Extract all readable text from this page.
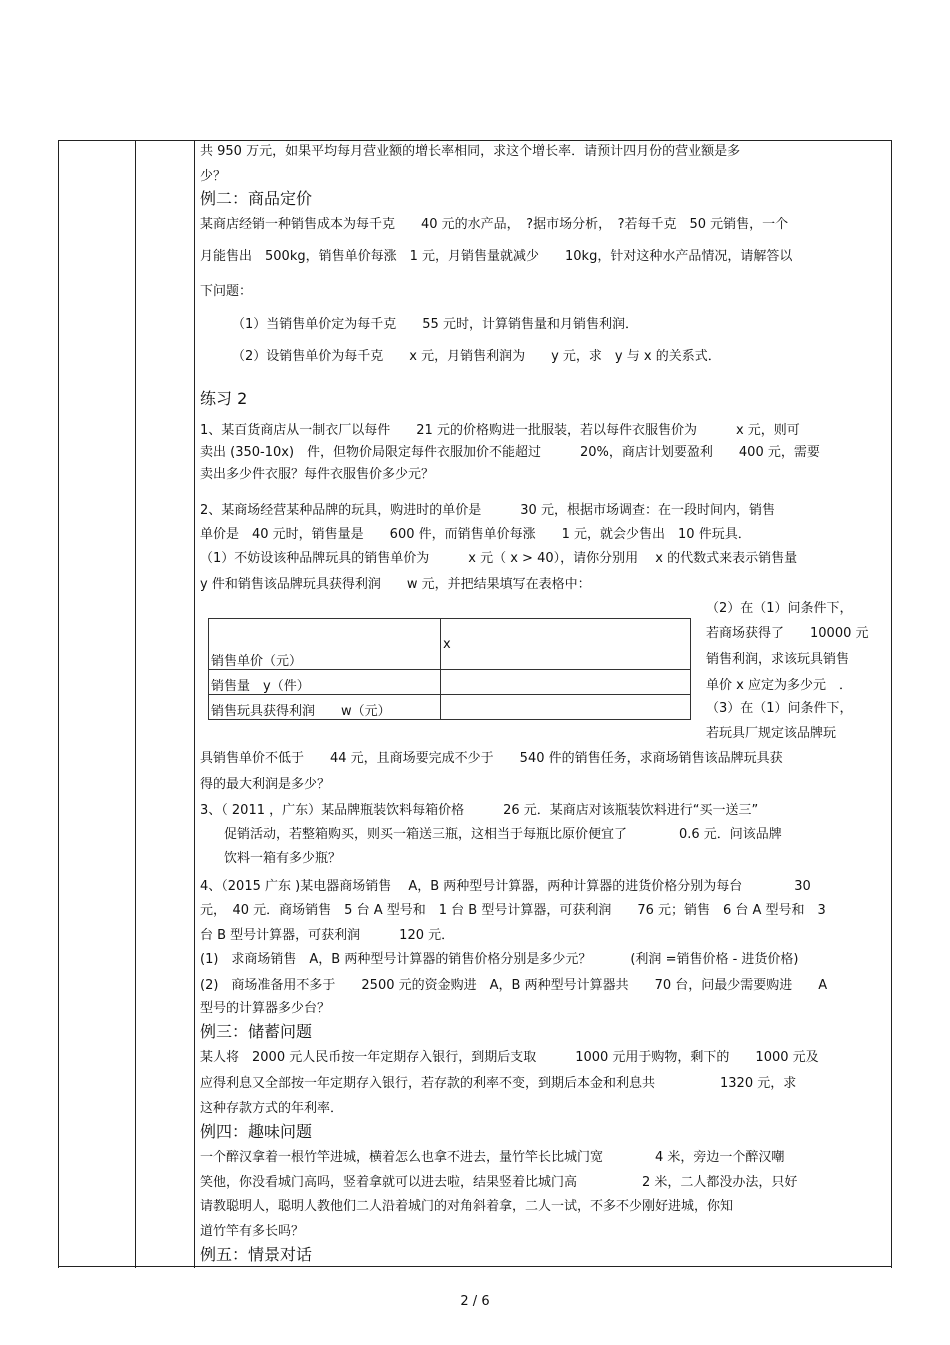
共 950 万元，如果平均每月营业额的增长率相同，求这个增长率．请预计四月份的营业额是多
少？
例二：商品定价
某商店经销一种销售成本为每千克　　40 元的水产品，　?据市场分析，　?若每千克　50 元销售，一个
月能售出　500kg，销售单价每涨　1 元，月销售量就减少　　10kg，针对这种水产品情况，请解答以
下问题：
（1）当销售单价定为每千克　　55 元时，计算销售量和月销售利润．
（2）设销售单价为每千克　　x 元，月销售利润为　　y 元，求　y 与 x 的关系式．
练习 2
1、某百货商店从一制衣厂以每件　　21 元的价格购进一批服装，若以每件衣服售价为　　　x 元，则可
卖出 (350-10x)　件，但物价局限定每件衣服加价不能超过　　　20%，商店计划要盈利　　400 元，需要
卖出多少件衣服？每件衣服售价多少元？
2、某商场经营某种品牌的玩具，购进时的单价是　　　30 元，根据市场调查：在一段时间内，销售
单价是　40 元时，销售量是　　600 件，而销售单价每涨　　1 元，就会少售出　10 件玩具．
（1）不妨设该种品牌玩具的销售单价为　　　x 元（ x > 40），请你分别用　 x 的代数式来表示销售量
y 件和销售该品牌玩具获得利润　　w 元，并把结果填写在表格中：
销售单价（元）	x
销售量　y（件）	
销售玩具获得利润　　w（元）	
（2）在（1）问条件下，
若商场获得了　　10000 元
销售利润，求该玩具销售
单价 x 应定为多少元　．
（3）在（1）问条件下，
若玩具厂规定该品牌玩
具销售单价不低于　　44 元，且商场要完成不少于　　540 件的销售任务，求商场销售该品牌玩具获
得的最大利润是多少？
3、（ 2011 ，广东）某品牌瓶装饮料每箱价格　　　26 元．某商店对该瓶装饮料进行“买一送三”
促销活动，若整箱购买，则买一箱送三瓶，这相当于每瓶比原价便宜了　　　　0.6 元．问该品牌
饮料一箱有多少瓶？
4、（2015 广东 )某电器商场销售　 A，B 两种型号计算器，两种计算器的进货价格分别为每台　　　　30
元，　40 元．商场销售　5 台 A 型号和　1 台 B 型号计算器，可获利润　　76 元；销售　6 台 A 型号和　3
台 B 型号计算器，可获利润　　　120 元．
(1)　求商场销售　A，B 两种型号计算器的销售价格分别是多少元？　　　(利润 =销售价格 - 进货价格)
(2)　商场准备用不多于　　2500 元的资金购进　A，B 两种型号计算器共　　70 台，问最少需要购进　　A
型号的计算器多少台？
例三：储蓄问题
某人将　2000 元人民币按一年定期存入银行，到期后支取　　　1000 元用于购物，剩下的　　1000 元及
应得利息又全部按一年定期存入银行，若存款的利率不变，到期后本金和利息共　　　　　1320 元，求
这种存款方式的年利率．
例四：趣味问题
一个醉汉拿着一根竹竿进城，横着怎么也拿不进去，量竹竿长比城门宽　　　　4 米，旁边一个醉汉嘲
笑他，你没看城门高吗，竖着拿就可以进去啦，结果竖着比城门高　　　　　2 米，二人都没办法，只好
请教聪明人，聪明人教他们二人沿着城门的对角斜着拿，二人一试，不多不少刚好进城，你知
道竹竿有多长吗？
例五：情景对话
2 / 6
